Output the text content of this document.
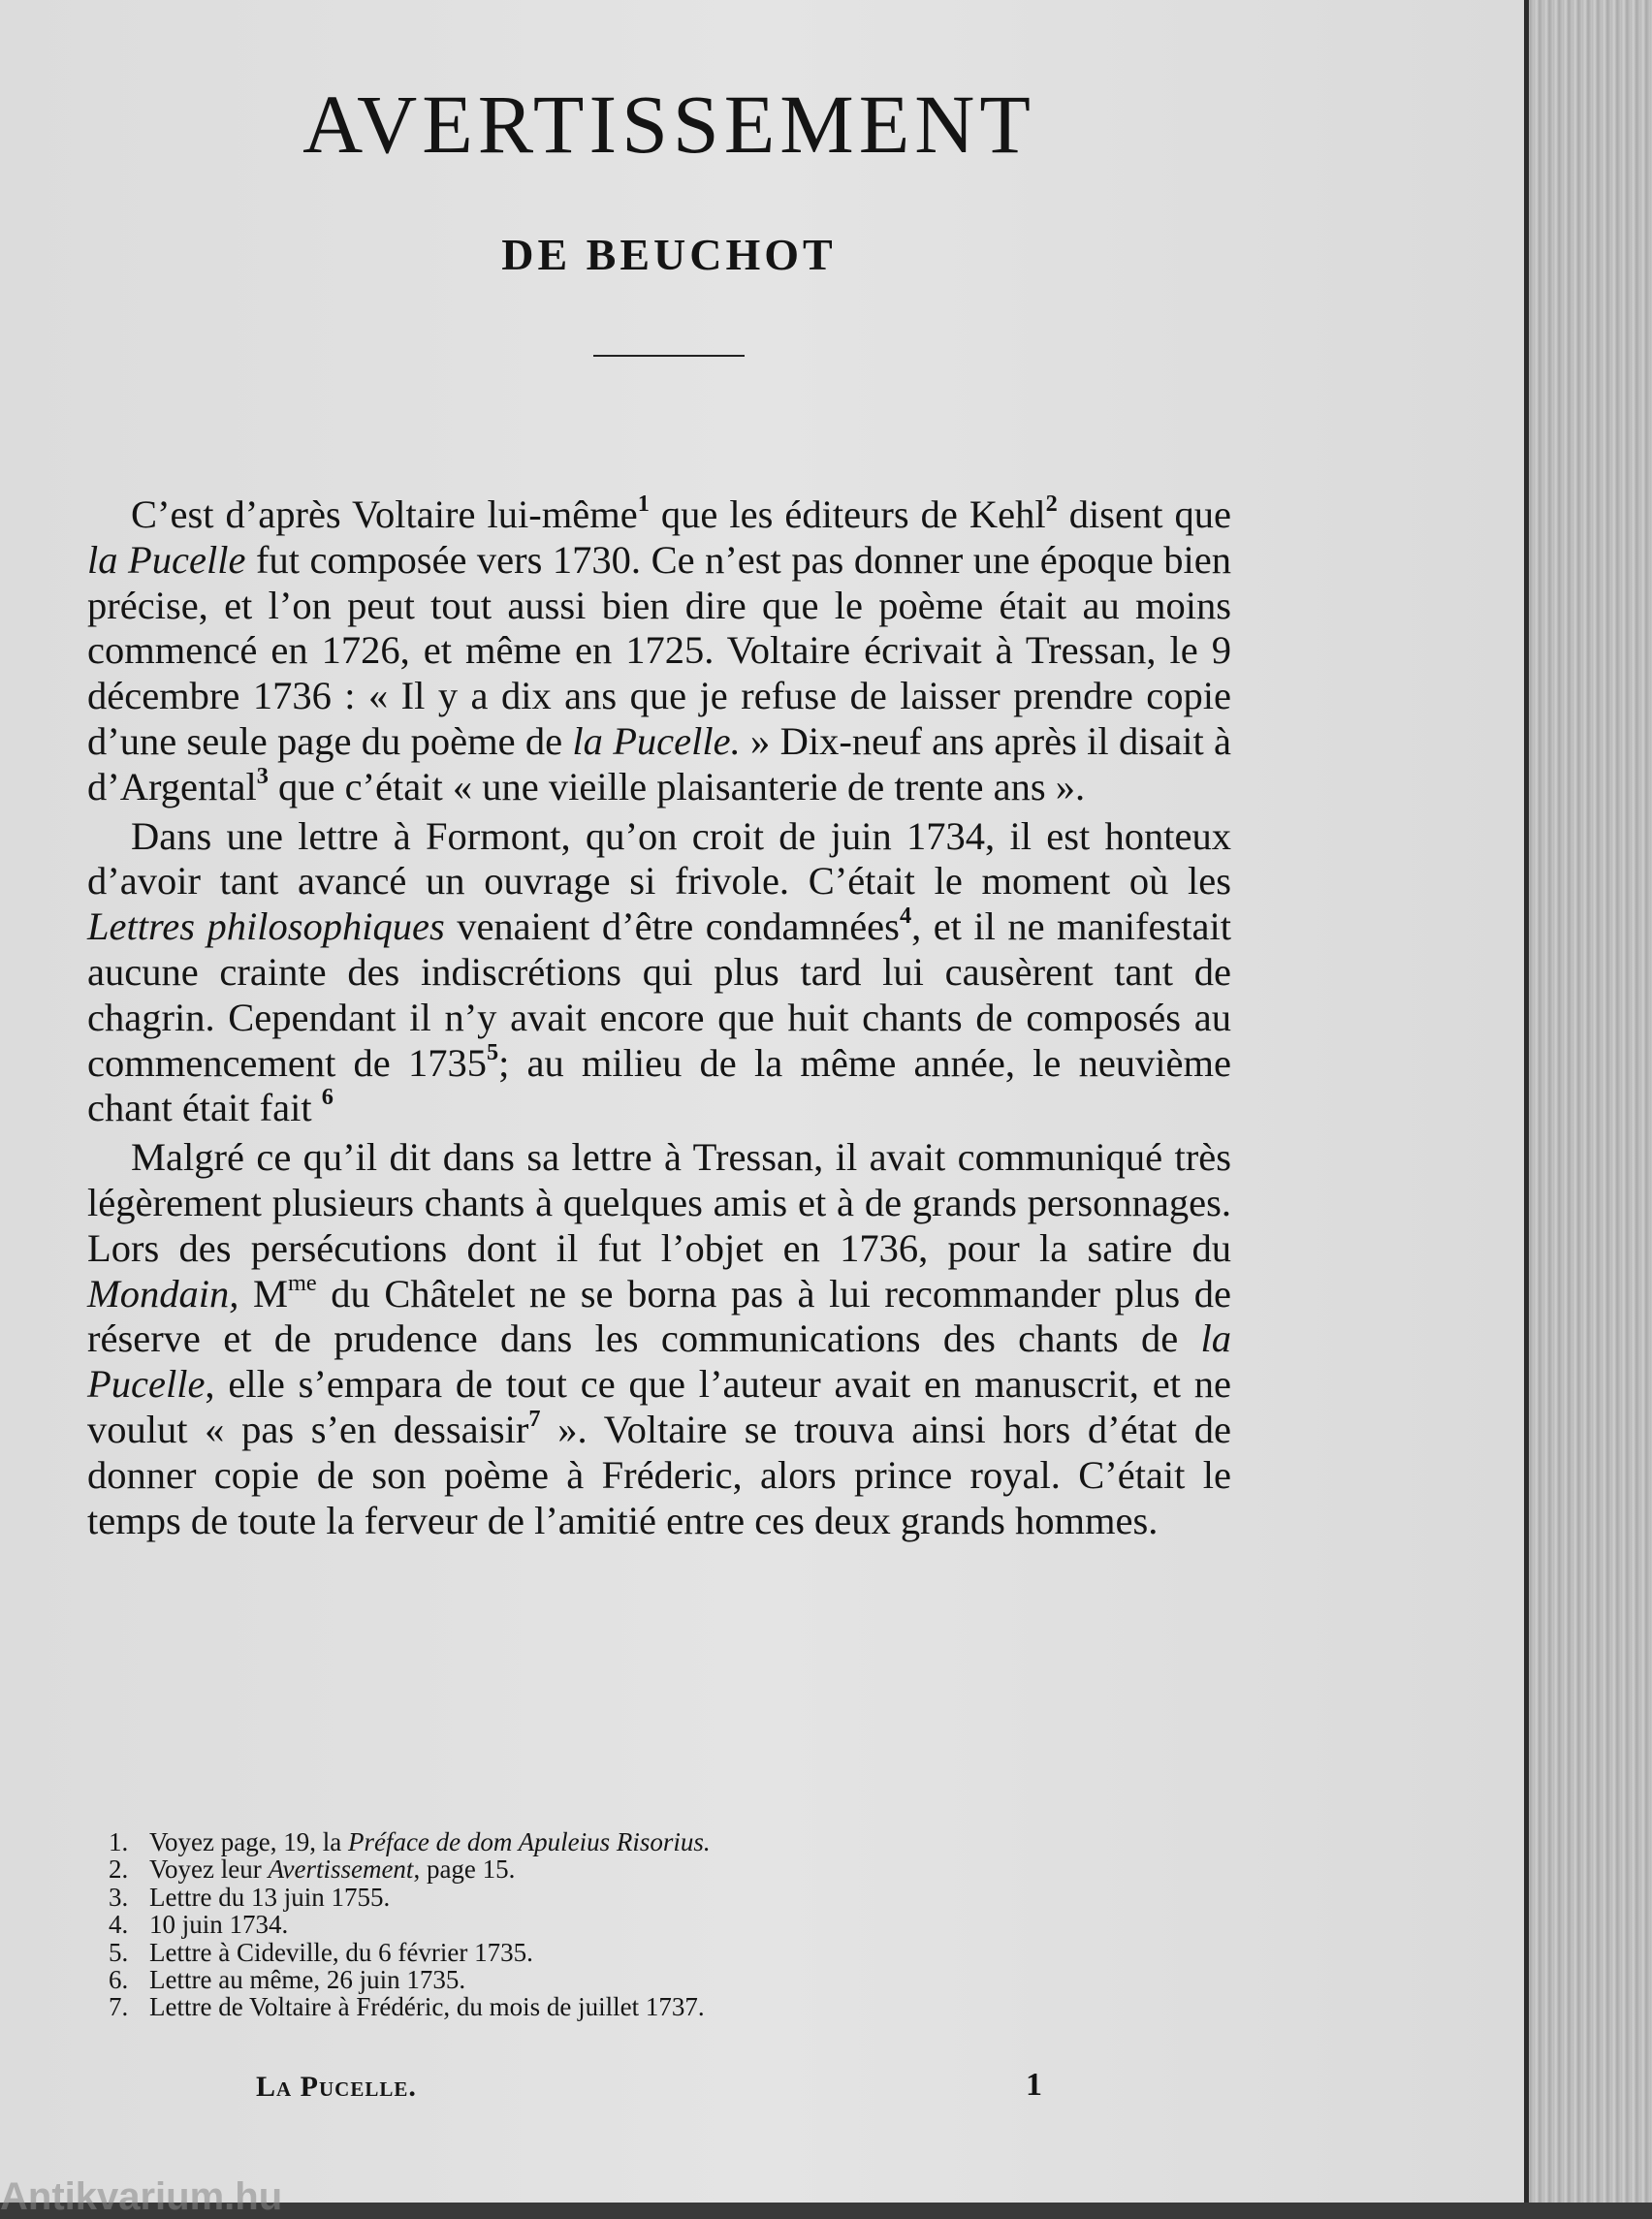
AVERTISSEMENT
DE BEUCHOT

C’est d’après Voltaire lui-même$^1$ que les éditeurs de Kehl$^2$ disent que la Pucelle fut composée vers 1730. Ce n’est pas donner une époque bien précise, et l’on peut tout aussi bien dire que le poème était au moins commencé en 1726, et même en 1725. Voltaire écrivait à Tressan, le 9 décembre 1736 : « Il y a dix ans que je refuse de laisser prendre copie d’une seule page du poème de la Pucelle. » Dix-neuf ans après il disait à d’Argental$^3$ que c’était « une vieille plaisanterie de trente ans ».

Dans une lettre à Formont, qu’on croit de juin 1734, il est honteux d’avoir tant avancé un ouvrage si frivole. C’était le moment où les Lettres philosophiques venaient d’être condamnées$^4$, et il ne manifestait aucune crainte des indiscrétions qui plus tard lui causèrent tant de chagrin. Cependant il n’y avait encore que huit chants de composés au commencement de 1735$^5$; au milieu de la même année, le neuvième chant était fait $^6$

Malgré ce qu’il dit dans sa lettre à Tressan, il avait communiqué très légèrement plusieurs chants à quelques amis et à de grands personnages. Lors des persécutions dont il fut l’objet en 1736, pour la satire du Mondain, $M^{me}$ du Châtelet ne se borna pas à lui recommander plus de réserve et de prudence dans les communications des chants de la Pucelle, elle s’empara de tout ce que l’auteur avait en manuscrit, et ne voulut « pas s’en dessaisir$^7$ ». Voltaire se trouva ainsi hors d’état de donner copie de son poème à Fréderic, alors prince royal. C’était le temps de toute la ferveur de l’amitié entre ces deux grands hommes.

1. Voyez page, 19, la Préface de dom Apuleius Risorius.
2. Voyez leur Avertissement, page 15.
3. Lettre du 13 juin 1755.
4. 10 juin 1734.
5. Lettre à Cideville, du 6 février 1735.
6. Lettre au même, 26 juin 1735.
7. Lettre de Voltaire à Frédéric, du mois de juillet 1737.
La Pucelle.	1
Antikvarium.hu
